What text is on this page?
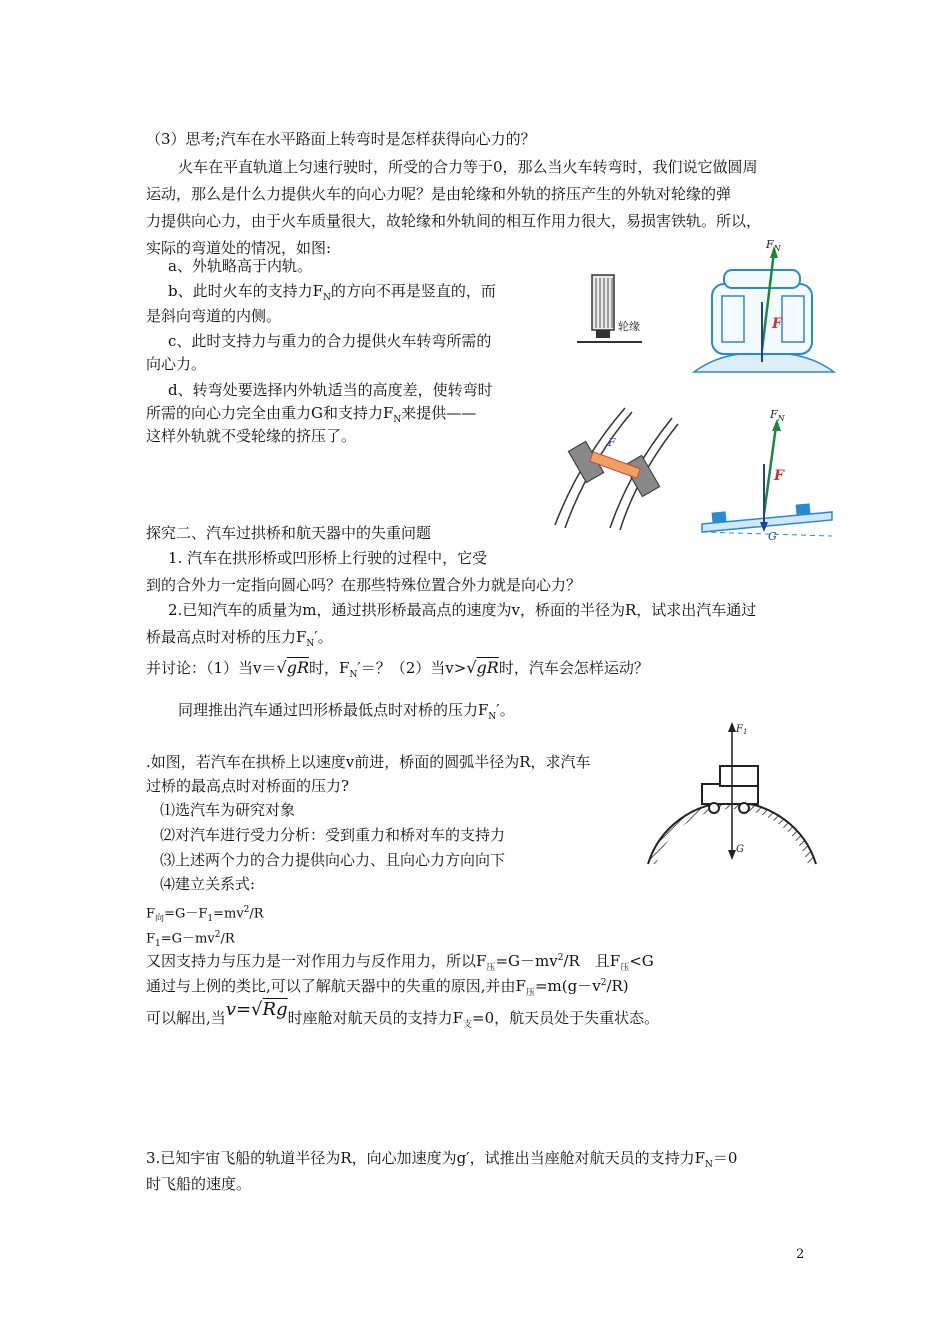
（3）思考;汽车在水平路面上转弯时是怎样获得向心力的？
火车在平直轨道上匀速行驶时，所受的合力等于0，那么当火车转弯时，我们说它做圆周
运动，那么是什么力提供火车的向心力呢？是由轮缘和外轨的挤压产生的外轨对轮缘的弹
力提供向心力，由于火车质量很大，故轮缘和外轨间的相互作用力很大，易损害铁轨。所以，
实际的弯道处的情况，如图:
a、外轨略高于内轨。
b、此时火车的支持力$F_N$的方向不再是竖直的，而
是斜向弯道的内侧。
c、此时支持力与重力的合力提供火车转弯所需的
向心力。
d、转弯处要选择内外轨适当的高度差，使转弯时
所需的向心力完全由重力G和支持力$F_N$来提供——
这样外轨就不受轮缘的挤压了。
轮缘
$F_N$
F
F
$F_N$
F
G
探究二、汽车过拱桥和航天器中的失重问题
1. 汽车在拱形桥或凹形桥上行驶的过程中，它受
到的合外力一定指向圆心吗？在那些特殊位置合外力就是向心力？
2.已知汽车的质量为m，通过拱形桥最高点的速度为v，桥面的半径为R，试求出汽车通过
桥最高点时对桥的压力$F_N'$。
并讨论：（1）当v＝√gR时，$F_N'=$？（2）当v>√gR时，汽车会怎样运动？
同理推出汽车通过凹形桥最低点时对桥的压力$F_N'$。
.如图，若汽车在拱桥上以速度v前进，桥面的圆弧半径为R，求汽车
过桥的最高点时对桥面的压力?
⑴选汽车为研究对象
⑵对汽车进行受力分析：受到重力和桥对车的支持力
⑶上述两个力的合力提供向心力、且向心力方向向下
⑷建立关系式:
$F_向=G-F_1=mv^2/R$
$F_1=G-mv^2/R$
又因支持力与压力是一对作用力与反作用力，所以$F_压=G-mv^2/R$　且$F_压<G$
通过与上例的类比,可以了解航天器中的失重的原因,并由$F_压=m(g-v^2/R)$
可以解出,当v=√Rg时座舱对航天员的支持力$F_支=0$，航天员处于失重状态。
3.已知宇宙飞船的轨道半径为R，向心加速度为g′，试推出当座舱对航天员的支持力$F_N=0$
时飞船的速度。
$F_1$
G
2
